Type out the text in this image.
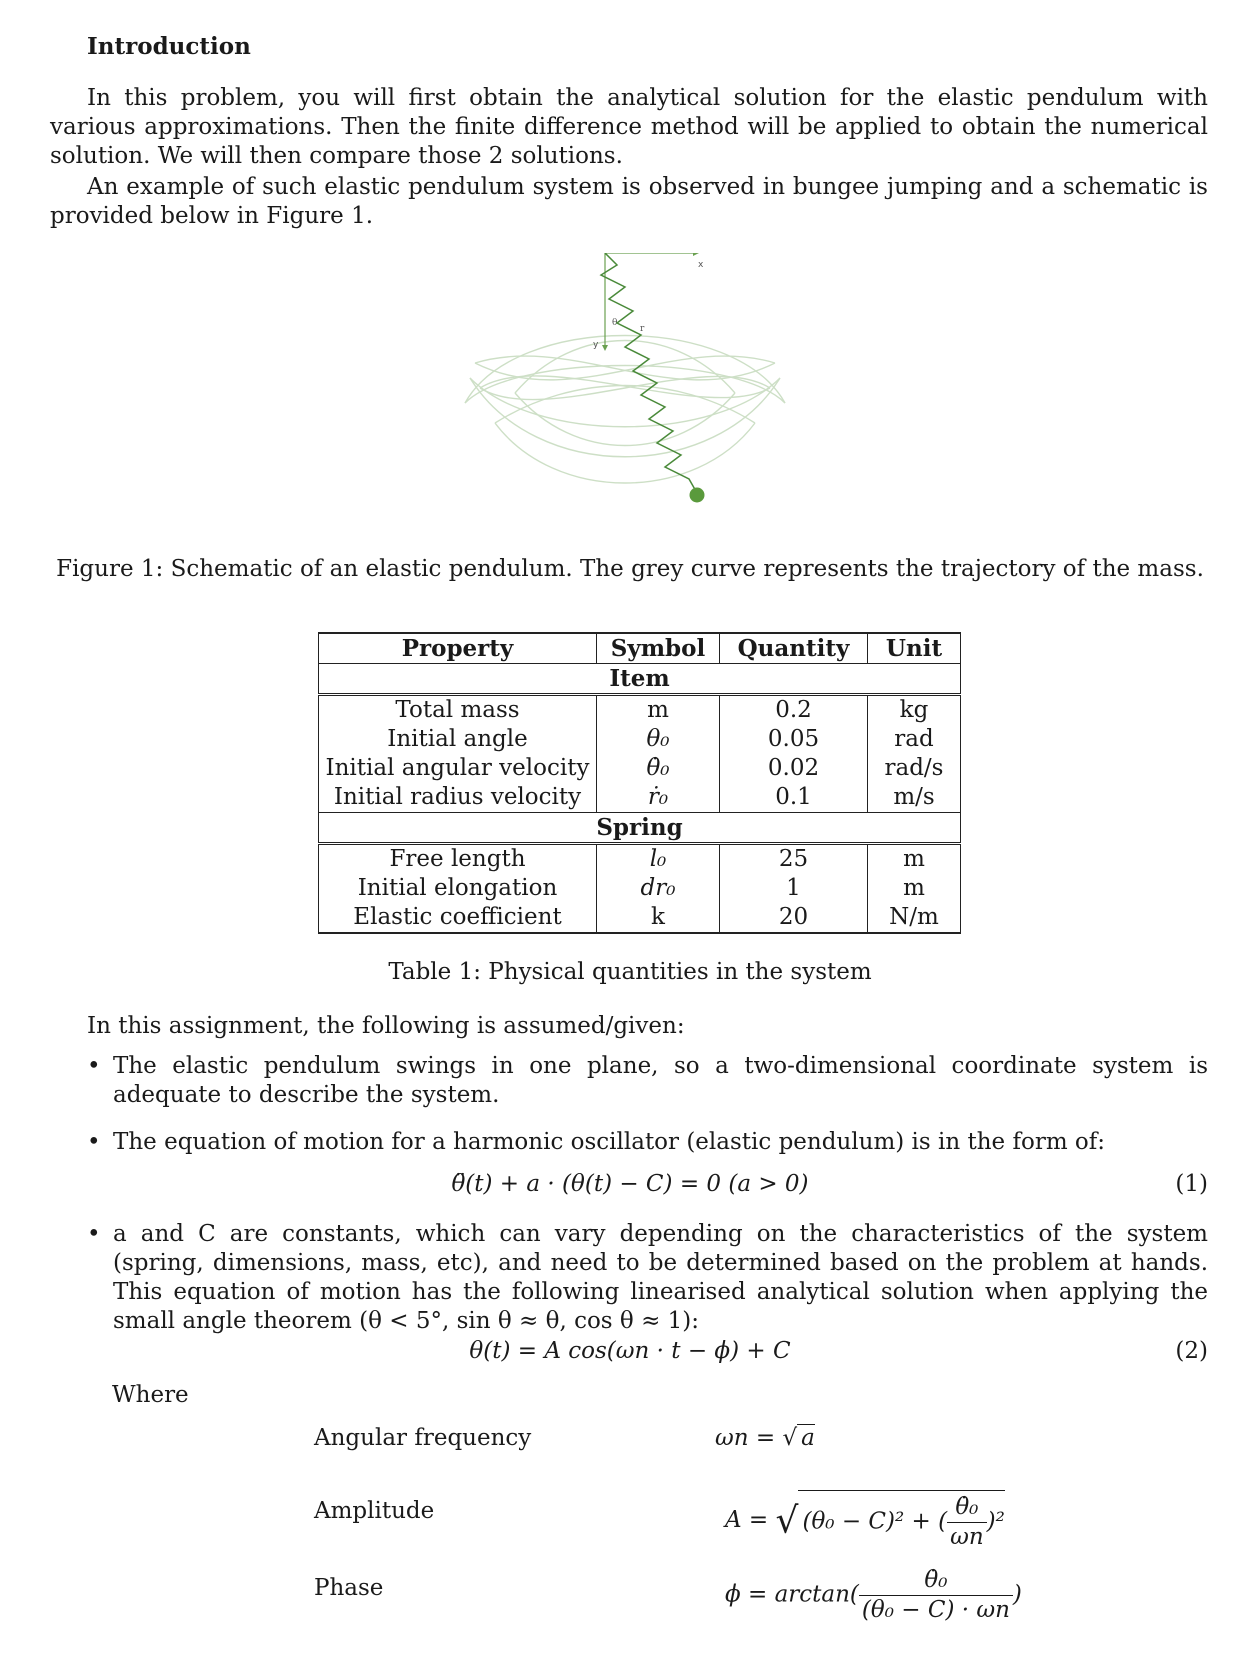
Introduction
In this problem, you will first obtain the analytical solution for the elastic pendulum with various approximations. Then the finite difference method will be applied to obtain the numerical solution. We will then compare those 2 solutions.
An example of such elastic pendulum system is observed in bungee jumping and a schematic is provided below in Figure 1.
x
y
θ
r
Figure 1: Schematic of an elastic pendulum. The grey curve represents the trajectory of the mass.
Property	Symbol	Quantity	Unit
Item			
Total mass	m	0.2	kg
Initial angle	θ₀	0.05	rad
Initial angular velocity	θ̇₀	0.02	rad/s
Initial radius velocity	ṙ₀	0.1	m/s
Spring			
Free length	l₀	25	m
Initial elongation	dr₀	1	m
Elastic coefficient	k	20	N/m
Table 1: Physical quantities in the system
In this assignment, the following is assumed/given:
• The elastic pendulum swings in one plane, so a two-dimensional coordinate system is adequate to describe the system.
• The equation of motion for a harmonic oscillator (elastic pendulum) is in the form of:
θ̈(t) + a · (θ(t) − C) = 0 (a > 0)	(1)
• a and C are constants, which can vary depending on the characteristics of the system (spring, dimensions, mass, etc), and need to be determined based on the problem at hands. This equation of motion has the following linearised analytical solution when applying the small angle theorem (θ < 5°, sin θ ≈ θ, cos θ ≈ 1):
θ(t) = A cos(ωn · t − ϕ) + C	(2)
Where
Angular frequency	ωn = √ a
Amplitude	A = √ (θ₀ − C)² + ( $\frac{\text{θ̇₀}}{\omega n} )^2$
Phase	$\phi = \arctan( \frac{\text{θ̇₀}}{\text{(θ₀ − C) · ωn}}$ )
